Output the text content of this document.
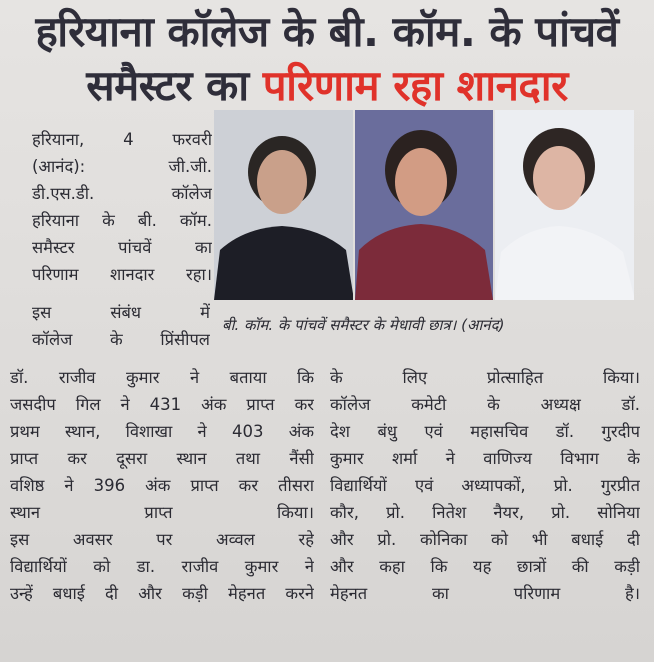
हरियाना कॉलेज के बी. कॉम. के पांचवें
समैस्टर का परिणाम रहा शानदार
हरियाना, 4 फरवरी
(आनंद): जी.जी.
डी.एस.डी. कॉलेज
हरियाना के बी. कॉम.
समैस्टर पांचवें का
परिणाम शानदार रहा।
बी. कॉम. के पांचवें समैस्टर के मेधावी छात्र। (आनंद)
इस संबंध में
कॉलेज के प्रिंसीपल
डॉ. राजीव कुमार ने बताया कि
जसदीप गिल ने 431 अंक प्राप्त कर
प्रथम स्थान, विशाखा ने 403 अंक
प्राप्त कर दूसरा स्थान तथा नैंसी
वशिष्ठ ने 396 अंक प्राप्त कर तीसरा
स्थान प्राप्त किया।
इस अवसर पर अव्वल रहे
विद्यार्थियों को डा. राजीव कुमार ने
उन्हें बधाई दी और कड़ी मेहनत करने
के लिए प्रोत्साहित किया।
कॉलेज कमेटी के अध्यक्ष डॉ.
देश बंधु एवं महासचिव डॉ. गुरदीप
कुमार शर्मा ने वाणिज्य विभाग के
विद्यार्थियों एवं अध्यापकों, प्रो. गुरप्रीत
कौर, प्रो. नितेश नैयर, प्रो. सोनिया
और प्रो. कोनिका को भी बधाई दी
और कहा कि यह छात्रों की कड़ी
मेहनत का परिणाम है।
